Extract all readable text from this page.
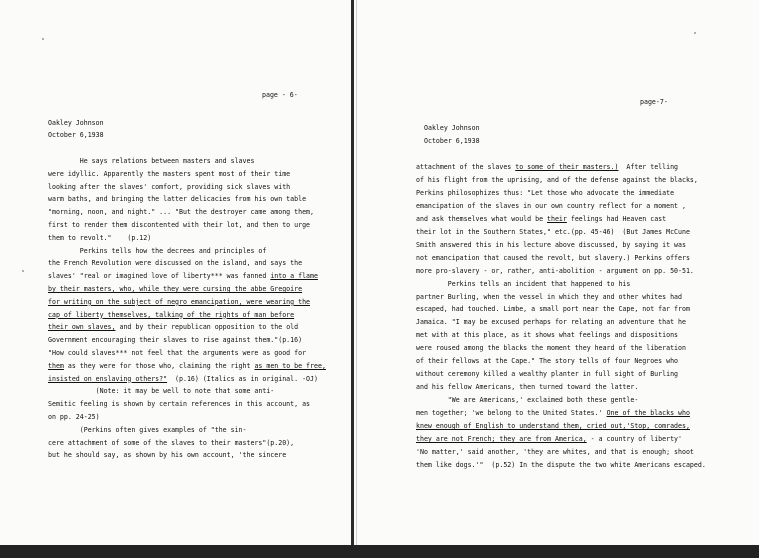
page - 6-
Oakley Johnson
October 6,1938
He says relations between masters and slaves
were idyllic. Apparently the masters spent most of their time
looking after the slaves' comfort, providing sick slaves with
warm baths, and bringing the latter delicacies from his own table
"morning, noon, and night." ... "But the destroyer came among them,
first to render them discontented with their lot, and then to urge
them to revolt."    (p.12)
Perkins tells how the decrees and principles of
the French Revolution were discussed on the island, and says the
slaves' "real or imagined love of liberty*** was fanned into a flame
by their masters, who, while they were cursing the abbe Gregoire
for writing on the subject of negro emancipation, were wearing the
cap of liberty themselves, talking of the rights of man before
their own slaves, and by their republican opposition to the old
Government encouraging their slaves to rise against them."(p.16)
"How could slaves*** not feel that the arguments were as good for
them as they were for those who, claiming the right as men to be free,
insisted on enslaving others?"  (p.16) (Italics as in original. -OJ)
(Note: it may be well to note that some anti-
Semitic feeling is shown by certain references in this account, as
on pp. 24-25)
(Perkins often gives examples of "the sin-
cere attachment of some of the slaves to their masters"(p.20),
but he should say, as shown by his own account, 'the sincere
page-7-
Oakley Johnson
October 6,1938
attachment of the slaves to some of their masters.)  After telling
of his flight from the uprising, and of the defense against the blacks,
Perkins philosophizes thus: "Let those who advocate the immediate
emancipation of the slaves in our own country reflect for a moment ,
and ask themselves what would be their feelings had Heaven cast
their lot in the Southern States," etc.(pp. 45-46)  (But James McCune
Smith answered this in his lecture above discussed, by saying it was
not emancipation that caused the revolt, but slavery.) Perkins offers
more pro-slavery - or, rather, anti-abolition - argument on pp. 50-51.
Perkins tells an incident that happened to his
partner Burling, when the vessel in which they and other whites had
escaped, had touched. Limbe, a small port near the Cape, not far from
Jamaica. "I may be excused perhaps for relating an adventure that he
met with at this place, as it shows what feelings and dispositions
were roused among the blacks the moment they heard of the liberation
of their fellows at the Cape." The story tells of four Negroes who
without ceremony killed a wealthy planter in full sight of Burling
and his fellow Americans, then turned toward the latter.
"We are Americans,' exclaimed both these gentle-
men together; 'we belong to the United States.' One of the blacks who
knew enough of English to understand them, cried out,'Stop, comrades,
they are not French; they are from America, - a country of liberty'
'No matter,' said another, 'they are whites, and that is enough; shoot
them like dogs.'"  (p.52) In the dispute the two white Americans escaped.
